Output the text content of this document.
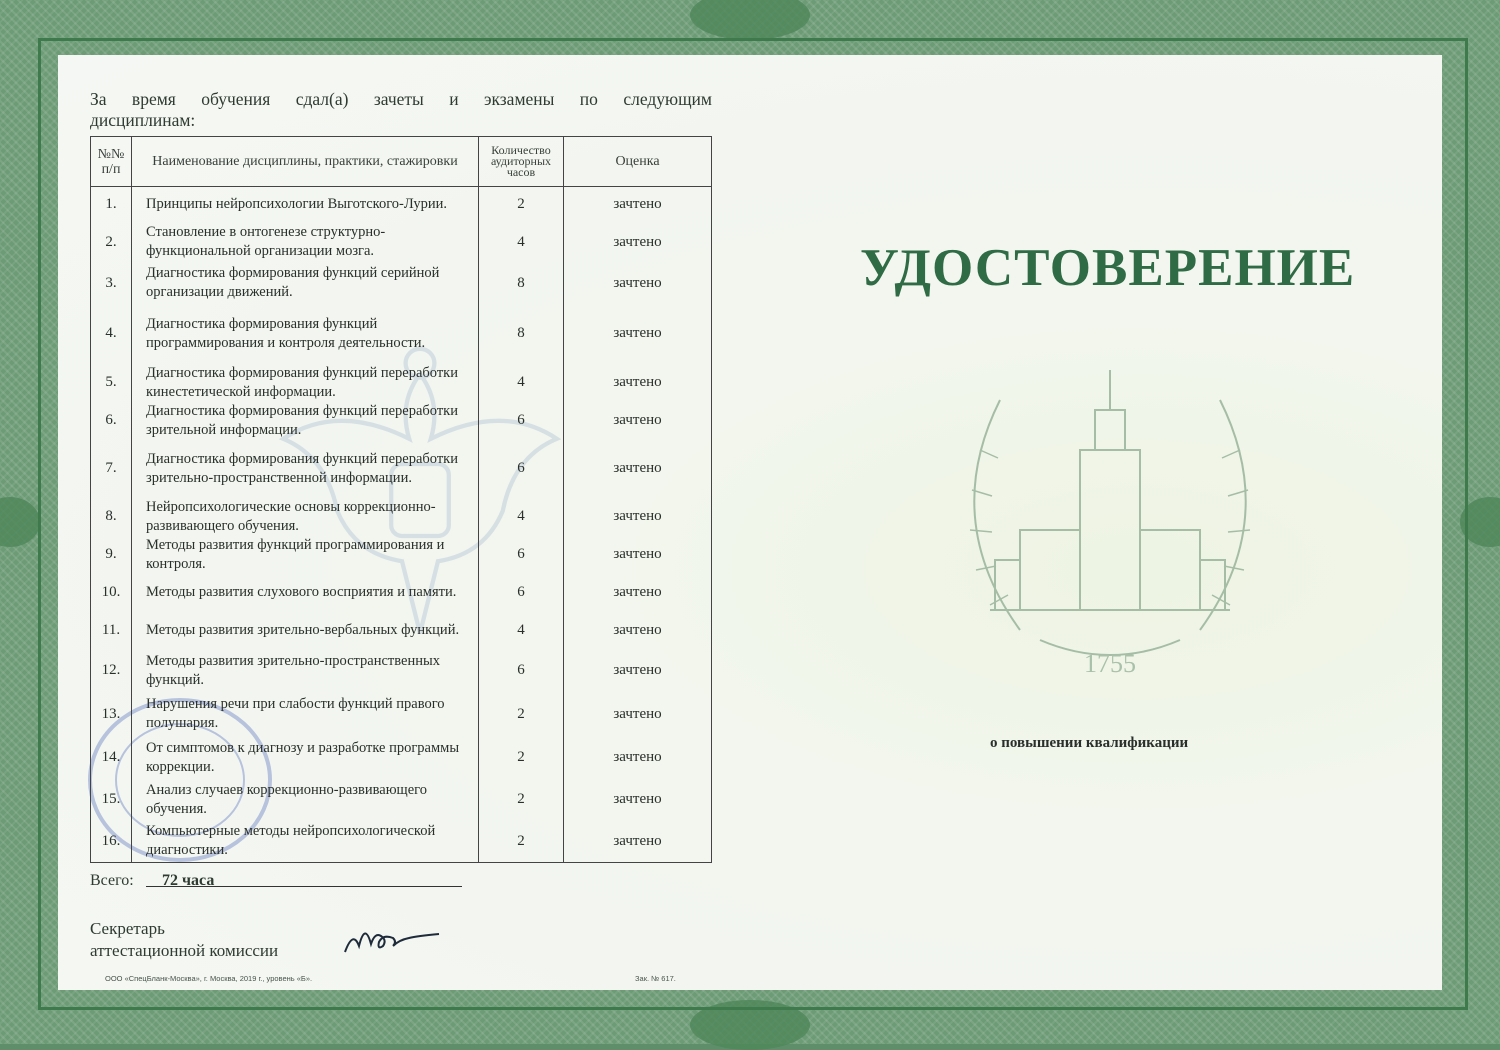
За время обучения сдал(а) зачеты и экзамены по следующим
дисциплинам:
№№ п/п	Наименование дисциплины, практики, стажировки	Количество аудиторных часов	Оценка
1.	Принципы нейропсихологии Выготского-Лурии.	2	зачтено
2.	Становление в онтогенезе структурно-функциональной организации мозга.	4	зачтено
3.	Диагностика формирования функций серийной организации движений.	8	зачтено
4.	Диагностика формирования функций программирования и контроля деятельности.	8	зачтено
5.	Диагностика формирования функций переработки кинестетической информации.	4	зачтено
6.	Диагностика формирования функций переработки зрительной информации.	6	зачтено
7.	Диагностика формирования функций переработки зрительно-пространственной информации.	6	зачтено
8.	Нейропсихологические основы коррекционно-развивающего обучения.	4	зачтено
9.	Методы развития функций программирования и контроля.	6	зачтено
10.	Методы развития слухового восприятия и памяти.	6	зачтено
11.	Методы развития зрительно-вербальных функций.	4	зачтено
12.	Методы развития зрительно-пространственных функций.	6	зачтено
13.	Нарушения речи при слабости функций правого полушария.	2	зачтено
14.	От симптомов к диагнозу и разработке программы коррекции.	2	зачтено
15.	Анализ случаев коррекционно-развивающего обучения.	2	зачтено
16.	Компьютерные методы нейропсихологической диагностики.	2	зачтено
Всего: 72 часа
Секретарь
аттестационной комиссии
ООО «СпецБланк-Москва», г. Москва, 2019 г., уровень «Б».	Зак. № 617.
УДОСТОВЕРЕНИЕ
1755
о повышении квалификации
